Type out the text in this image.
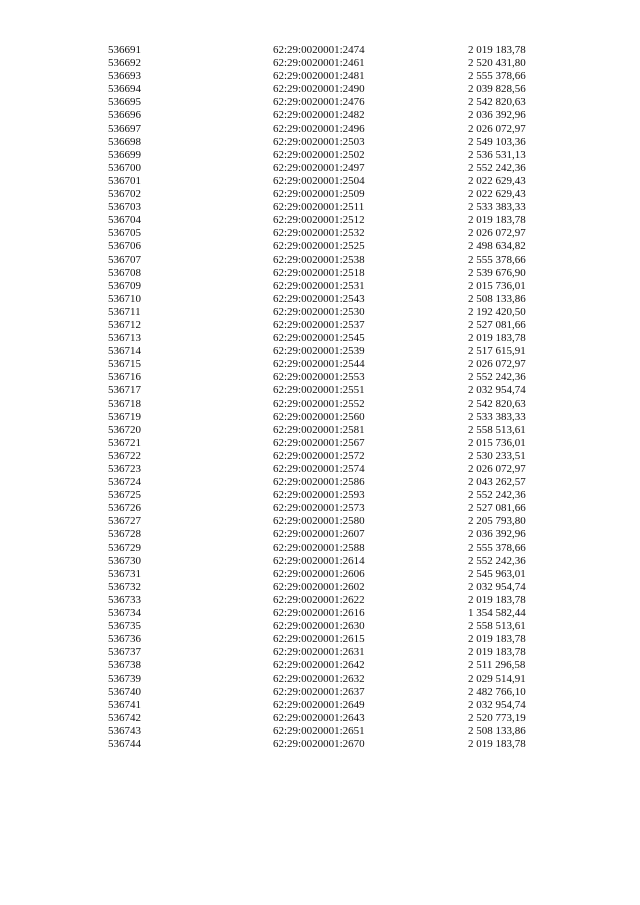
536691	62:29:0020001:2474	2 019 183,78
536692	62:29:0020001:2461	2 520 431,80
536693	62:29:0020001:2481	2 555 378,66
536694	62:29:0020001:2490	2 039 828,56
536695	62:29:0020001:2476	2 542 820,63
536696	62:29:0020001:2482	2 036 392,96
536697	62:29:0020001:2496	2 026 072,97
536698	62:29:0020001:2503	2 549 103,36
536699	62:29:0020001:2502	2 536 531,13
536700	62:29:0020001:2497	2 552 242,36
536701	62:29:0020001:2504	2 022 629,43
536702	62:29:0020001:2509	2 022 629,43
536703	62:29:0020001:2511	2 533 383,33
536704	62:29:0020001:2512	2 019 183,78
536705	62:29:0020001:2532	2 026 072,97
536706	62:29:0020001:2525	2 498 634,82
536707	62:29:0020001:2538	2 555 378,66
536708	62:29:0020001:2518	2 539 676,90
536709	62:29:0020001:2531	2 015 736,01
536710	62:29:0020001:2543	2 508 133,86
536711	62:29:0020001:2530	2 192 420,50
536712	62:29:0020001:2537	2 527 081,66
536713	62:29:0020001:2545	2 019 183,78
536714	62:29:0020001:2539	2 517 615,91
536715	62:29:0020001:2544	2 026 072,97
536716	62:29:0020001:2553	2 552 242,36
536717	62:29:0020001:2551	2 032 954,74
536718	62:29:0020001:2552	2 542 820,63
536719	62:29:0020001:2560	2 533 383,33
536720	62:29:0020001:2581	2 558 513,61
536721	62:29:0020001:2567	2 015 736,01
536722	62:29:0020001:2572	2 530 233,51
536723	62:29:0020001:2574	2 026 072,97
536724	62:29:0020001:2586	2 043 262,57
536725	62:29:0020001:2593	2 552 242,36
536726	62:29:0020001:2573	2 527 081,66
536727	62:29:0020001:2580	2 205 793,80
536728	62:29:0020001:2607	2 036 392,96
536729	62:29:0020001:2588	2 555 378,66
536730	62:29:0020001:2614	2 552 242,36
536731	62:29:0020001:2606	2 545 963,01
536732	62:29:0020001:2602	2 032 954,74
536733	62:29:0020001:2622	2 019 183,78
536734	62:29:0020001:2616	1 354 582,44
536735	62:29:0020001:2630	2 558 513,61
536736	62:29:0020001:2615	2 019 183,78
536737	62:29:0020001:2631	2 019 183,78
536738	62:29:0020001:2642	2 511 296,58
536739	62:29:0020001:2632	2 029 514,91
536740	62:29:0020001:2637	2 482 766,10
536741	62:29:0020001:2649	2 032 954,74
536742	62:29:0020001:2643	2 520 773,19
536743	62:29:0020001:2651	2 508 133,86
536744	62:29:0020001:2670	2 019 183,78
